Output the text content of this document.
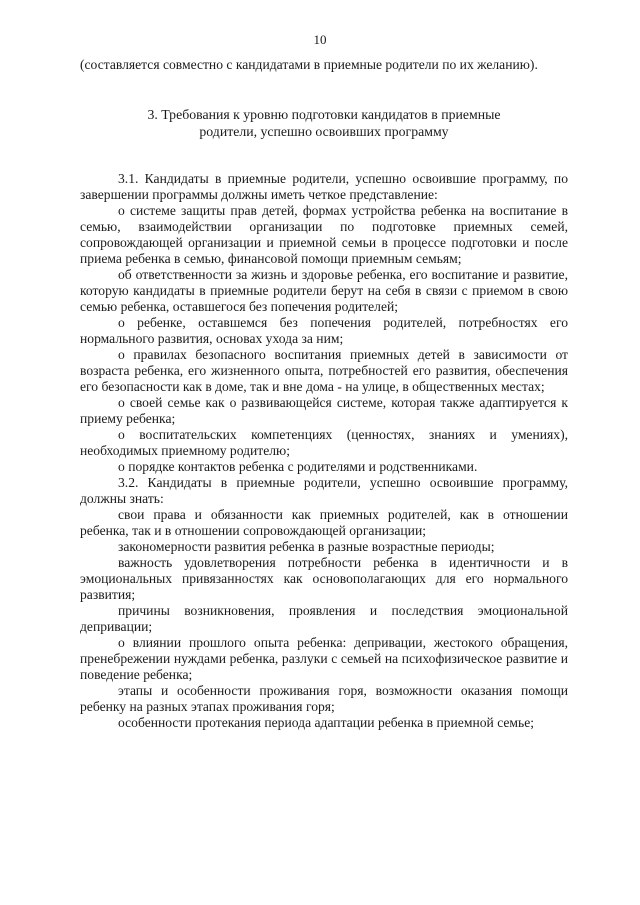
10

(составляется совместно с кандидатами в приемные родители по их желанию).

3. Требования к уровню подготовки кандидатов в приемные
родители, успешно освоивших программу

3.1. Кандидаты в приемные родители, успешно освоившие программу, по завершении программы должны иметь четкое представление:

о системе защиты прав детей, формах устройства ребенка на воспитание в семью, взаимодействии организации по подготовке приемных семей, сопровождающей организации и приемной семьи в процессе подготовки и после приема ребенка в семью, финансовой помощи приемным семьям;

об ответственности за жизнь и здоровье ребенка, его воспитание и развитие, которую кандидаты в приемные родители берут на себя в связи с приемом в свою семью ребенка, оставшегося без попечения родителей;

о ребенке, оставшемся без попечения родителей, потребностях его нормального развития, основах ухода за ним;

о правилах безопасного воспитания приемных детей в зависимости от возраста ребенка, его жизненного опыта, потребностей его развития, обеспечения его безопасности как в доме, так и вне дома - на улице, в общественных местах;

о своей семье как о развивающейся системе, которая также адаптируется к приему ребенка;

о воспитательских компетенциях (ценностях, знаниях и умениях), необходимых приемному родителю;

о порядке контактов ребенка с родителями и родственниками.

3.2. Кандидаты в приемные родители, успешно освоившие программу, должны знать:

свои права и обязанности как приемных родителей, как в отношении ребенка, так и в отношении сопровождающей организации;

закономерности развития ребенка в разные возрастные периоды;

важность удовлетворения потребности ребенка в идентичности и в эмоциональных привязанностях как основополагающих для его нормального развития;

причины возникновения, проявления и последствия эмоциональной депривации;

о влиянии прошлого опыта ребенка: депривации, жестокого обращения, пренебрежении нуждами ребенка, разлуки с семьей на психофизическое развитие и поведение ребенка;

этапы и особенности проживания горя, возможности оказания помощи ребенку на разных этапах проживания горя;

особенности протекания периода адаптации ребенка в приемной семье;
